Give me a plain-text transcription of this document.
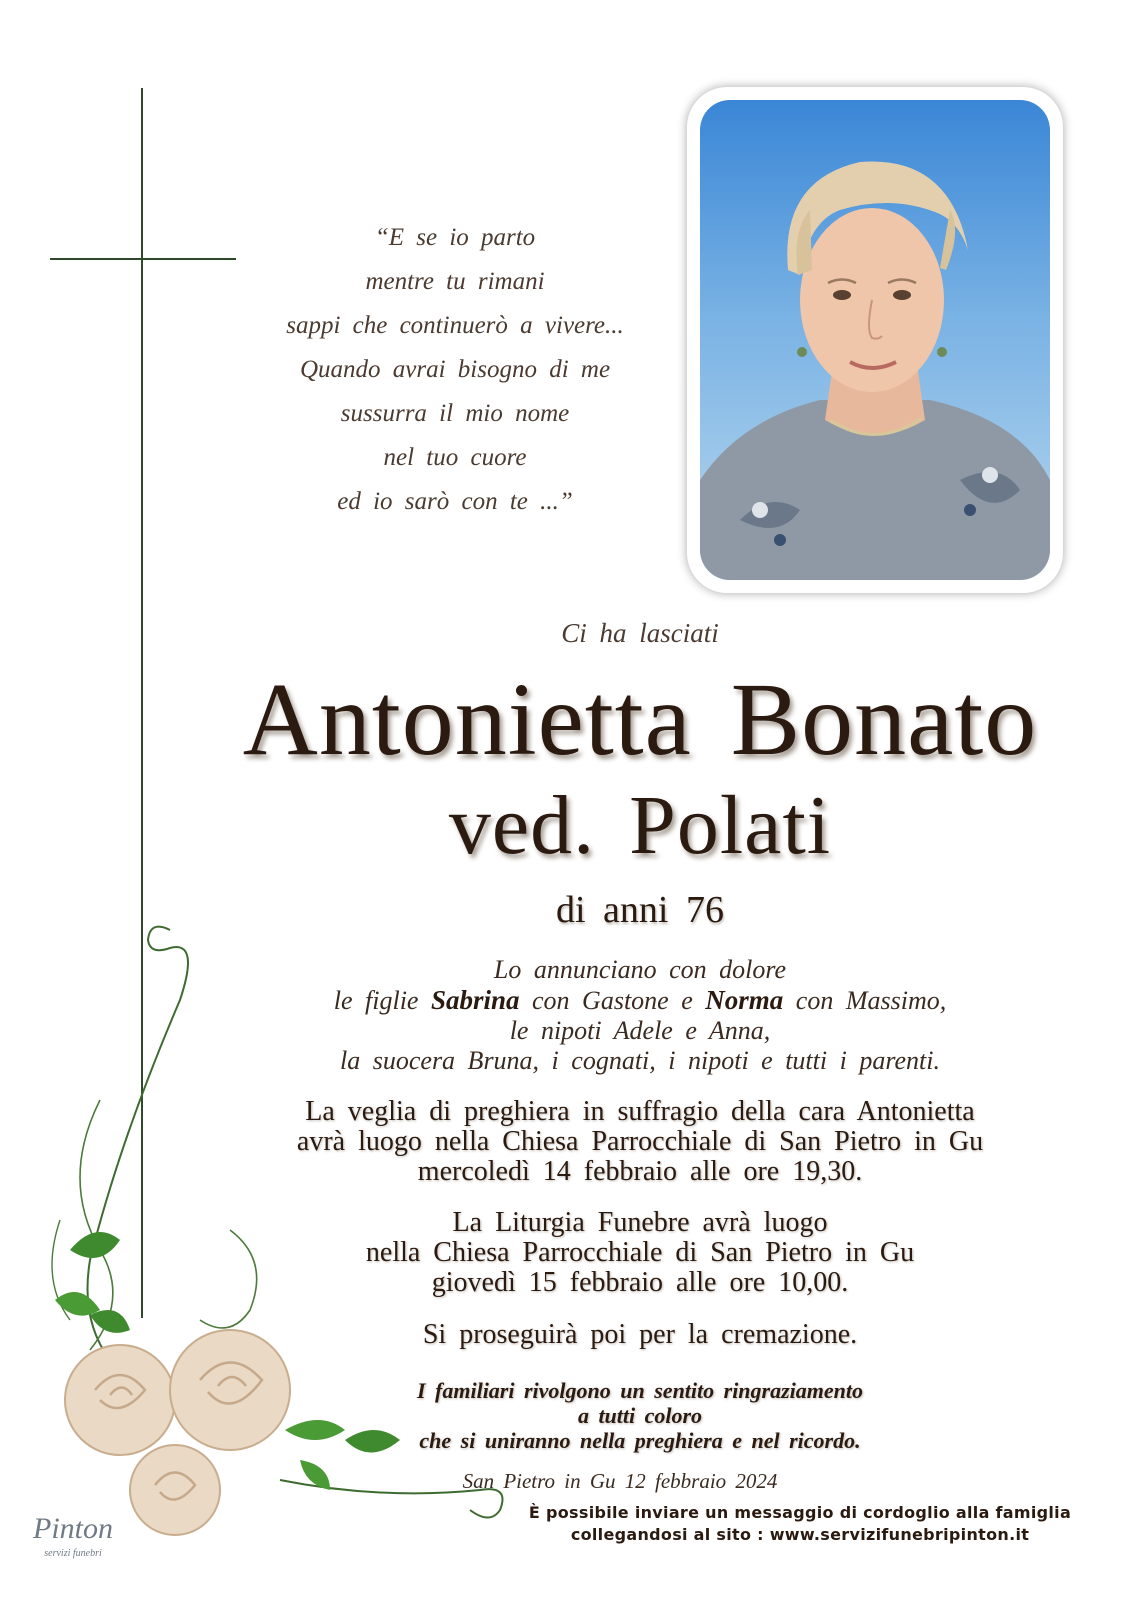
“E se io parto
mentre tu rimani
sappi che continuerò a vivere...
Quando avrai bisogno di me
sussurra il mio nome
nel tuo cuore
ed io sarò con te ...”
Ci ha lasciati
Antonietta Bonato
ved. Polati
di anni 76
Lo annunciano con dolore
le figlie Sabrina con Gastone e Norma con Massimo,
le nipoti Adele e Anna,
la suocera Bruna, i cognati, i nipoti e tutti i parenti.
La veglia di preghiera in suffragio della cara Antonietta
avrà luogo nella Chiesa Parrocchiale di San Pietro in Gu
mercoledì 14 febbraio alle ore 19,30.
La Liturgia Funebre avrà luogo
nella Chiesa Parrocchiale di San Pietro in Gu
giovedì 15 febbraio alle ore 10,00.
Si proseguirà poi per la cremazione.
I familiari rivolgono un sentito ringraziamento
a tutti coloro
che si uniranno nella preghiera e nel ricordo.
San Pietro in Gu 12 febbraio 2024
È possibile inviare un messaggio di cordoglio alla famiglia
collegandosi al sito : www.servizifunebripinton.it
Pinton
servizi funebri
